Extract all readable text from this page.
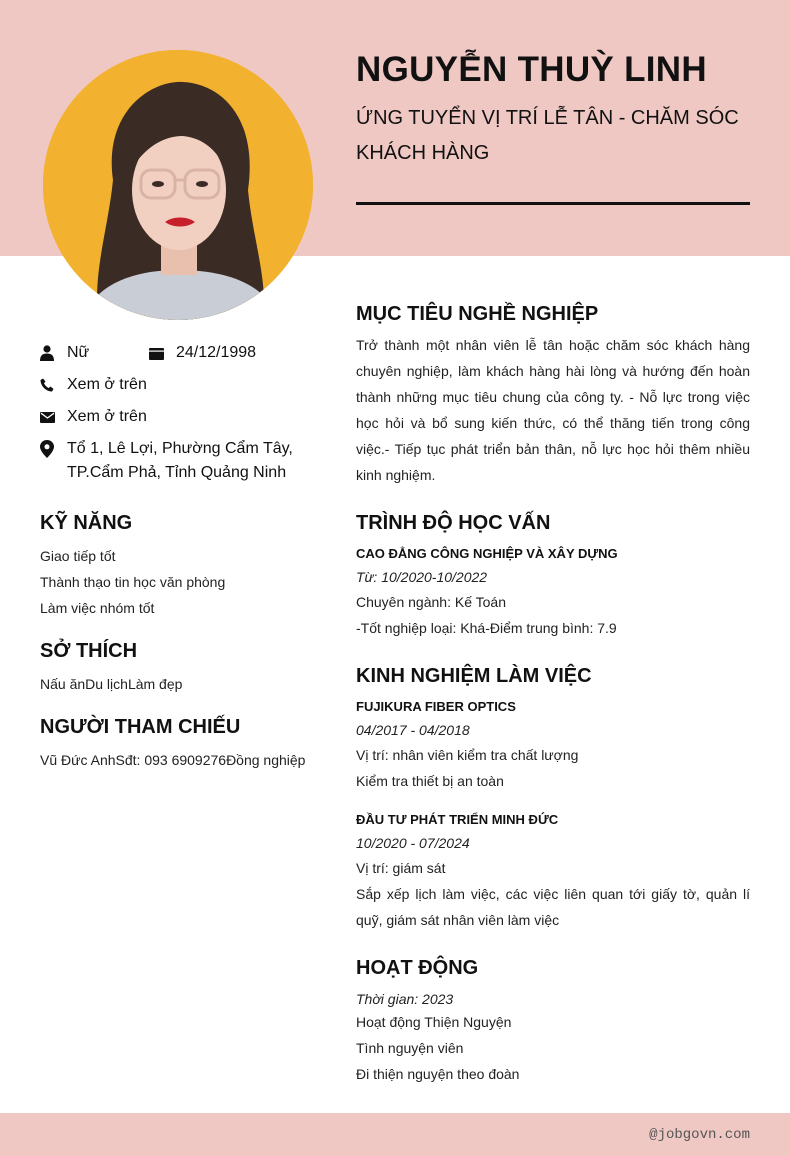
NGUYỄN THUỲ LINH
ỨNG TUYỂN VỊ TRÍ LỄ TÂN - CHĂM SÓC KHÁCH HÀNG
Nữ	24/12/1998
Xem ở trên
Xem ở trên
Tổ 1, Lê Lợi, Phường Cẩm Tây, TP.Cẩm Phả, Tỉnh Quảng Ninh
KỸ NĂNG
Giao tiếp tốt
Thành thạo tin học văn phòng
Làm việc nhóm tốt
SỞ THÍCH
Nấu ănDu lịchLàm đẹp
NGƯỜI THAM CHIẾU
Vũ Đức AnhSđt: 093 6909276Đồng nghiệp
MỤC TIÊU NGHỀ NGHIỆP
Trở thành một nhân viên lễ tân hoặc chăm sóc khách hàng chuyên nghiệp, làm khách hàng hài lòng và hướng đến hoàn thành những mục tiêu chung của công ty. - Nỗ lực trong việc học hỏi và bổ sung kiến thức, có thể thăng tiến trong công việc.- Tiếp tục phát triển bản thân, nỗ lực học hỏi thêm nhiều kinh nghiệm.
TRÌNH ĐỘ HỌC VẤN
CAO ĐẲNG CÔNG NGHIỆP VÀ XÂY DỰNG
Từ: 10/2020-10/2022
Chuyên ngành: Kế Toán
-Tốt nghiệp loại: Khá-Điểm trung bình: 7.9
KINH NGHIỆM LÀM VIỆC
FUJIKURA FIBER OPTICS
04/2017 - 04/2018
Vị trí: nhân viên kiểm tra chất lượng
Kiểm tra thiết bị an toàn
ĐẦU TƯ PHÁT TRIỂN MINH ĐỨC
10/2020 - 07/2024
Vị trí: giám sát
Sắp xếp lịch làm việc, các việc liên quan tới giấy tờ, quản lí quỹ, giám sát nhân viên làm việc
HOẠT ĐỘNG
Thời gian: 2023
Hoạt động Thiện Nguyện
Tình nguyện viên
Đi thiện nguyện theo đoàn
@jobgovn.com
